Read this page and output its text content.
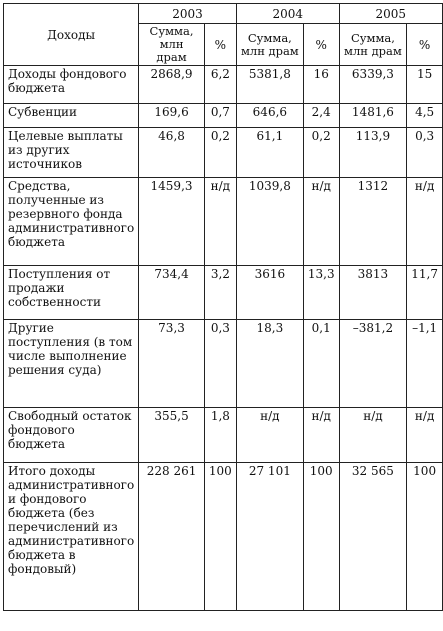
Доходы	2003		2004		2005	
	Сумма, млн драм	%	Сумма, млн драм	%	Сумма, млн драм	%
Доходы фондового бюджета	2868,9	6,2	5381,8	16	6339,3	15
Субвенции	169,6	0,7	646,6	2,4	1481,6	4,5
Целевые выплаты из других источников	46,8	0,2	61,1	0,2	113,9	0,3
Средства, полученные из резервного фонда административного бюджета	1459,3	н/д	1039,8	н/д	1312	н/д
Поступления от продажи собственности	734,4	3,2	3616	13,3	3813	11,7
Другие поступления (в том числе выполнение решения суда)	73,3	0,3	18,3	0,1	–381,2	–1,1
Свободный остаток фондового бюджета	355,5	1,8	н/д	н/д	н/д	н/д
Итого доходы административного и фондового бюджета (без перечислений из административного бюджета в фондовый)	228 261	100	27 101	100	32 565	100
